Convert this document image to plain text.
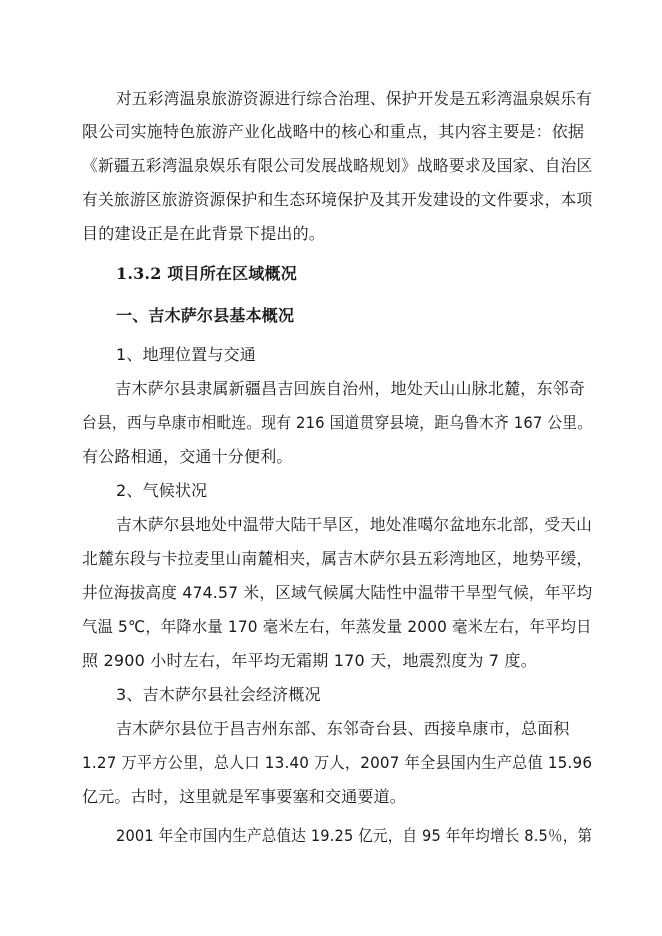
对五彩湾温泉旅游资源进行综合治理、保护开发是五彩湾温泉娱乐有
限公司实施特色旅游产业化战略中的核心和重点，其内容主要是：依据
《新疆五彩湾温泉娱乐有限公司发展战略规划》战略要求及国家、自治区
有关旅游区旅游资源保护和生态环境保护及其开发建设的文件要求，本项
目的建设正是在此背景下提出的。
1.3.2 项目所在区域概况
一、吉木萨尔县基本概况
1、地理位置与交通
吉木萨尔县隶属新疆昌吉回族自治州，地处天山山脉北麓，东邻奇
台县，西与阜康市相毗连。现有 216 国道贯穿县境，距乌鲁木齐 167 公里。
有公路相通，交通十分便利。
2、气候状况
吉木萨尔县地处中温带大陆干旱区，地处准噶尔盆地东北部，受天山
北麓东段与卡拉麦里山南麓相夹，属吉木萨尔县五彩湾地区，地势平缓，
井位海拔高度 474.57 米，区域气候属大陆性中温带干旱型气候，年平均
气温 5℃，年降水量 170 毫米左右，年蒸发量 2000 毫米左右，年平均日
照 2900 小时左右，年平均无霜期 170 天，地震烈度为 7 度。
3、吉木萨尔县社会经济概况
吉木萨尔县位于昌吉州东部、东邻奇台县、西接阜康市，总面积
1.27 万平方公里，总人口 13.40 万人，2007 年全县国内生产总值 15.96
亿元。古时，这里就是军事要塞和交通要道。
2001 年全市国内生产总值达 19.25 亿元，自 95 年年均增长 8.5％，第
